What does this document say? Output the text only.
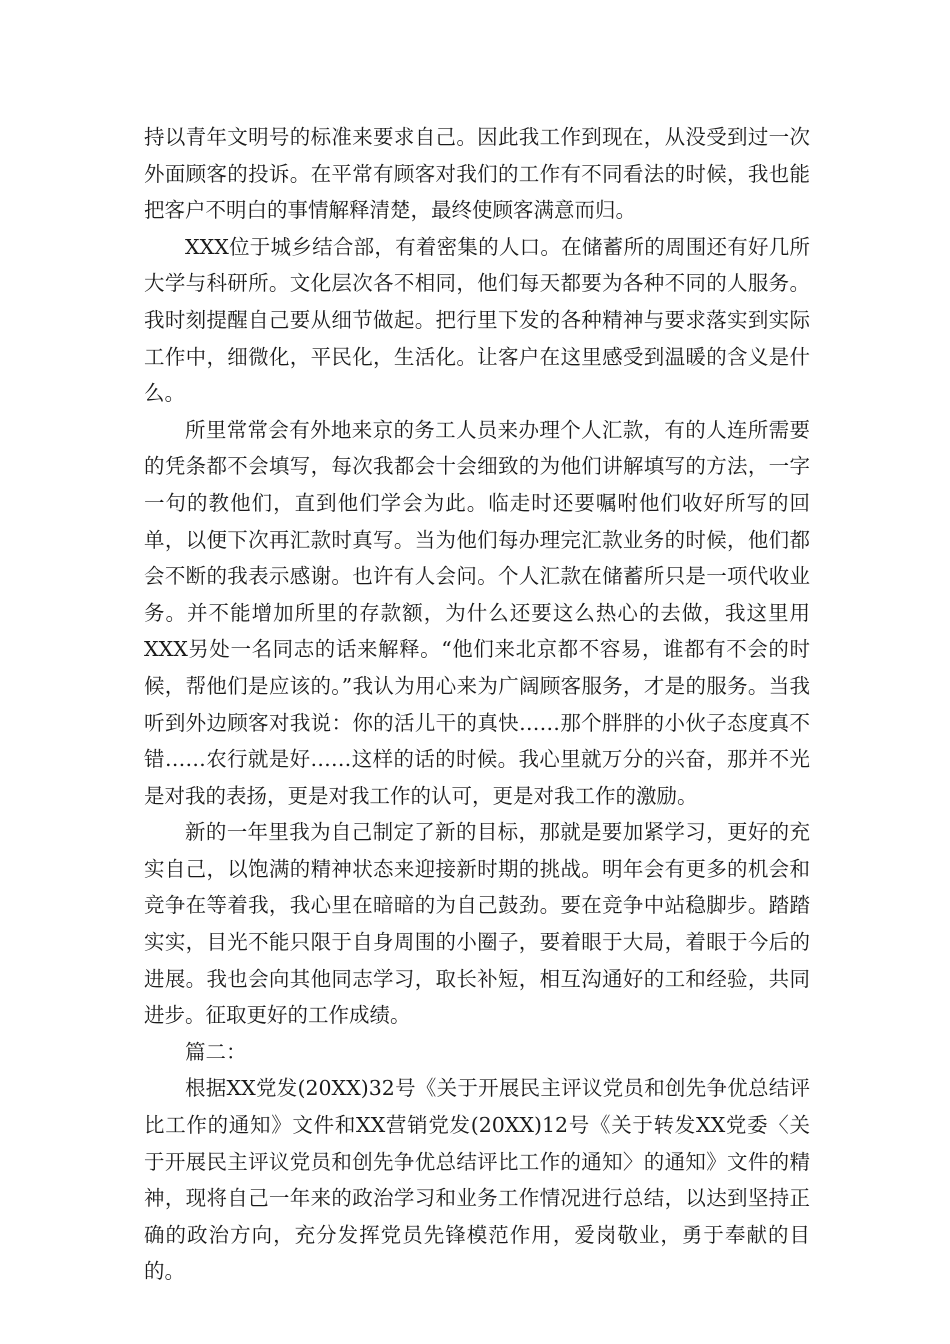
持以青年文明号的标准来要求自己。因此我工作到现在，从没受到过一次外面顾客的投诉。在平常有顾客对我们的工作有不同看法的时候，我也能把客户不明白的事情解释清楚，最终使顾客满意而归。

XXX位于城乡结合部，有着密集的人口。在储蓄所的周围还有好几所大学与科研所。文化层次各不相同，他们每天都要为各种不同的人服务。我时刻提醒自己要从细节做起。把行里下发的各种精神与要求落实到实际工作中，细微化，平民化，生活化。让客户在这里感受到温暖的含义是什么。

所里常常会有外地来京的务工人员来办理个人汇款，有的人连所需要的凭条都不会填写，每次我都会十会细致的为他们讲解填写的方法，一字一句的教他们，直到他们学会为此。临走时还要嘱咐他们收好所写的回单，以便下次再汇款时真写。当为他们每办理完汇款业务的时候，他们都会不断的我表示感谢。也许有人会问。个人汇款在储蓄所只是一项代收业务。并不能增加所里的存款额，为什么还要这么热心的去做，我这里用XXX另处一名同志的话来解释。“他们来北京都不容易，谁都有不会的时候，帮他们是应该的。”我认为用心来为广阔顾客服务，才是的服务。当我听到外边顾客对我说：你的活儿干的真快……那个胖胖的小伙子态度真不错……农行就是好……这样的话的时候。我心里就万分的兴奋，那并不光是对我的表扬，更是对我工作的认可，更是对我工作的激励。

新的一年里我为自己制定了新的目标，那就是要加紧学习，更好的充实自己，以饱满的精神状态来迎接新时期的挑战。明年会有更多的机会和竞争在等着我，我心里在暗暗的为自己鼓劲。要在竞争中站稳脚步。踏踏实实，目光不能只限于自身周围的小圈子，要着眼于大局，着眼于今后的进展。我也会向其他同志学习，取长补短，相互沟通好的工和经验，共同进步。征取更好的工作成绩。

篇二：

根据XX党发(20XX)32号《关于开展民主评议党员和创先争优总结评比工作的通知》文件和XX营销党发(20XX)12号《关于转发XX党委〈关于开展民主评议党员和创先争优总结评比工作的通知〉的通知》文件的精神，现将自己一年来的政治学习和业务工作情况进行总结，以达到坚持正确的政治方向，充分发挥党员先锋模范作用，爱岗敬业，勇于奉献的目的。
